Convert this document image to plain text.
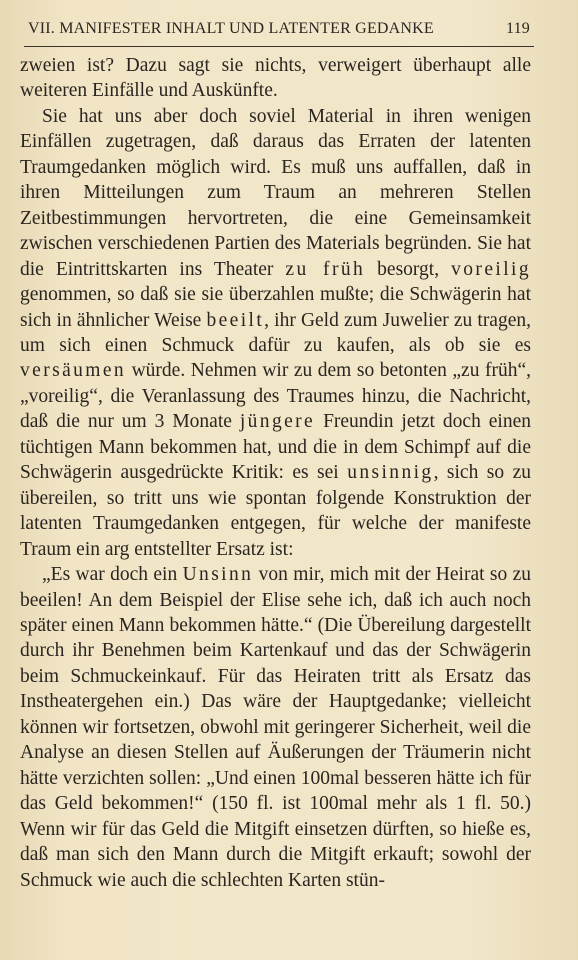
VII. MANIFESTER INHALT UND LATENTER GEDANKE	119

zweien ist? Dazu sagt sie nichts, verweigert überhaupt alle weiteren Einfälle und Auskünfte.

Sie hat uns aber doch soviel Material in ihren wenigen Einfällen zugetragen, daß daraus das Erraten der latenten Traumgedanken möglich wird. Es muß uns auffallen, daß in ihren Mitteilungen zum Traum an mehreren Stellen Zeitbestimmungen hervortreten, die eine Gemeinsamkeit zwischen verschiedenen Partien des Materials begründen. Sie hat die Eintrittskarten ins Theater zu früh besorgt, voreilig genommen, so daß sie sie überzahlen mußte; die Schwägerin hat sich in ähnlicher Weise beeilt, ihr Geld zum Juwelier zu tragen, um sich einen Schmuck dafür zu kaufen, als ob sie es versäumen würde. Nehmen wir zu dem so betonten „zu früh“, „voreilig“, die Veranlassung des Traumes hinzu, die Nachricht, daß die nur um 3 Monate jüngere Freundin jetzt doch einen tüchtigen Mann bekommen hat, und die in dem Schimpf auf die Schwägerin ausgedrückte Kritik: es sei unsinnig, sich so zu übereilen, so tritt uns wie spontan folgende Konstruktion der latenten Traumgedanken entgegen, für welche der manifeste Traum ein arg entstellter Ersatz ist:

„Es war doch ein Unsinn von mir, mich mit der Heirat so zu beeilen! An dem Beispiel der Elise sehe ich, daß ich auch noch später einen Mann bekommen hätte.“ (Die Übereilung dargestellt durch ihr Benehmen beim Kartenkauf und das der Schwägerin beim Schmuckeinkauf. Für das Heiraten tritt als Ersatz das Instheatergehen ein.) Das wäre der Hauptgedanke; vielleicht können wir fortsetzen, obwohl mit geringerer Sicherheit, weil die Analyse an diesen Stellen auf Äußerungen der Träumerin nicht hätte verzichten sollen: „Und einen 100mal besseren hätte ich für das Geld bekommen!“ (150 fl. ist 100mal mehr als 1 fl. 50.) Wenn wir für das Geld die Mitgift einsetzen dürften, so hieße es, daß man sich den Mann durch die Mitgift erkauft; sowohl der Schmuck wie auch die schlechten Karten stün-
